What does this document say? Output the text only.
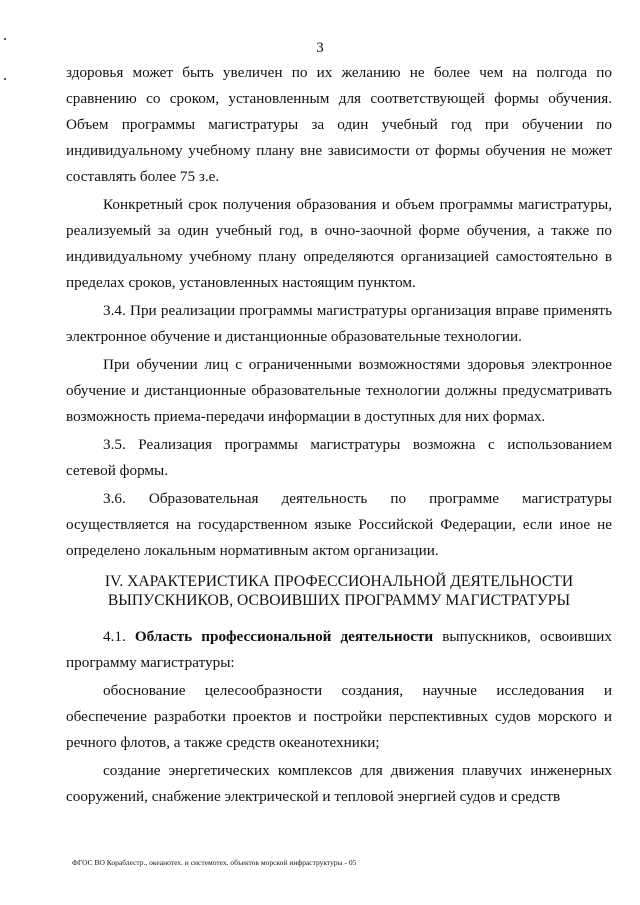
3

здоровья может быть увеличен по их желанию не более чем на полгода по сравнению со сроком, установленным для соответствующей формы обучения. Объем программы магистратуры за один учебный год при обучении по индивидуальному учебному плану вне зависимости от формы обучения не может составлять более 75 з.е.

Конкретный срок получения образования и объем программы магистратуры, реализуемый за один учебный год, в очно-заочной форме обучения, а также по индивидуальному учебному плану определяются организацией самостоятельно в пределах сроков, установленных настоящим пунктом.

3.4. При реализации программы магистратуры организация вправе применять электронное обучение и дистанционные образовательные технологии.

При обучении лиц с ограниченными возможностями здоровья электронное обучение и дистанционные образовательные технологии должны предусматривать возможность приема-передачи информации в доступных для них формах.

3.5. Реализация программы магистратуры возможна с использованием сетевой формы.

3.6. Образовательная деятельность по программе магистратуры осуществляется на государственном языке Российской Федерации, если иное не определено локальным нормативным актом организации.

IV. ХАРАКТЕРИСТИКА ПРОФЕССИОНАЛЬНОЙ ДЕЯТЕЛЬНОСТИ
ВЫПУСКНИКОВ, ОСВОИВШИХ ПРОГРАММУ МАГИСТРАТУРЫ

4.1. Область профессиональной деятельности выпускников, освоивших программу магистратуры:

обоснование целесообразности создания, научные исследования и обеспечение разработки проектов и постройки перспективных судов морского и речного флотов, а также средств океанотехники;

создание энергетических комплексов для движения плавучих инженерных сооружений, снабжение электрической и тепловой энергией судов и средств

ФГОС ВО Кораблестр., океанотех. и системотех. объектов морской инфраструктуры - 05
